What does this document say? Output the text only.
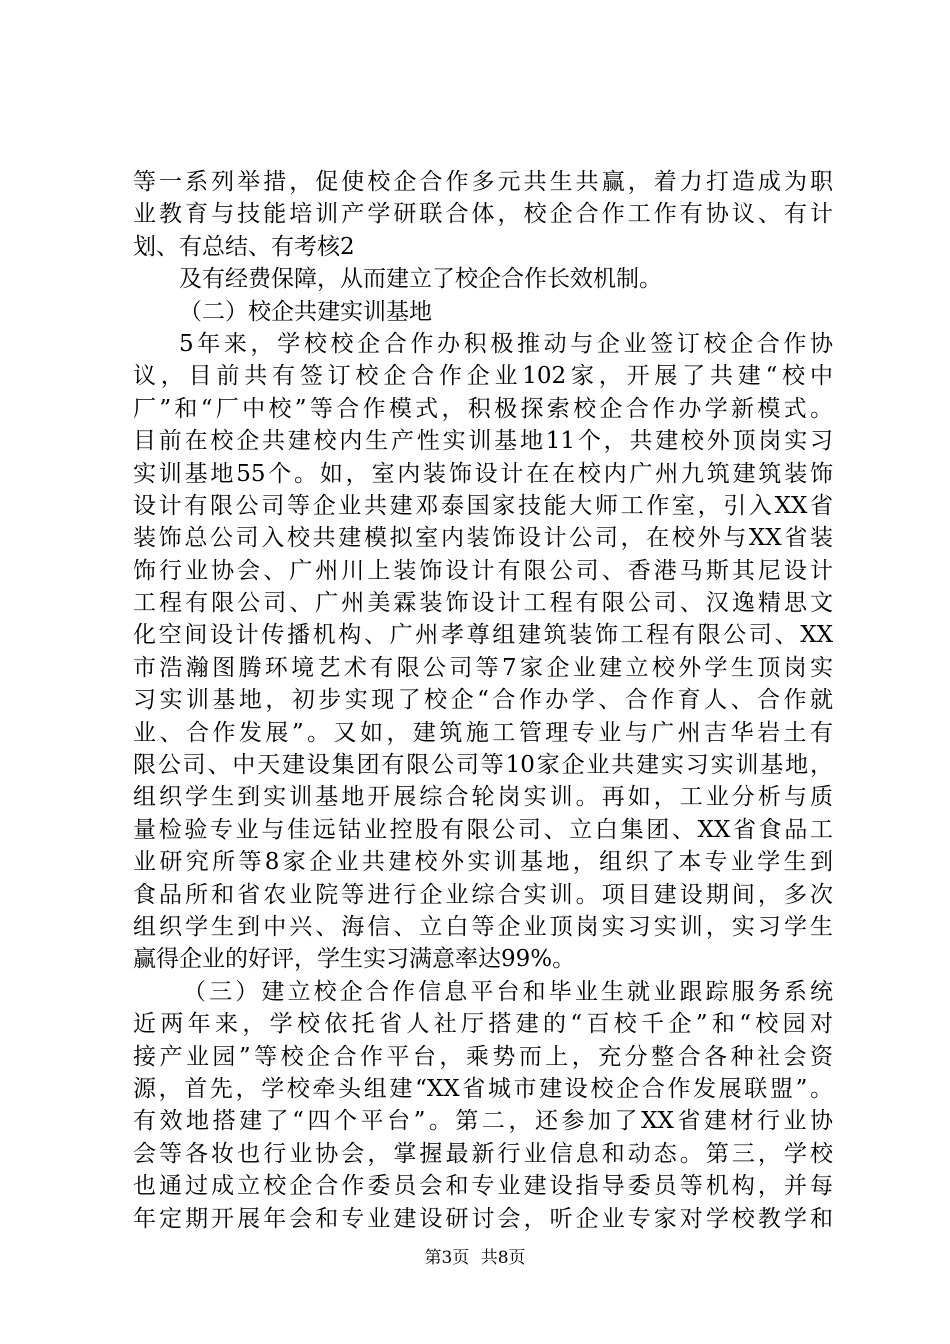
等一系列举措，促使校企合作多元共生共赢，着力打造成为职
业教育与技能培训产学研联合体，校企合作工作有协议、有计
划、有总结、有考核2
及有经费保障，从而建立了校企合作长效机制。
（二）校企共建实训基地
5年来，学校校企合作办积极推动与企业签订校企合作协
议，目前共有签订校企合作企业102家，开展了共建“校中
厂”和“厂中校”等合作模式，积极探索校企合作办学新模式。
目前在校企共建校内生产性实训基地11个，共建校外顶岗实习
实训基地55个。如，室内装饰设计在在校内广州九筑建筑装饰
设计有限公司等企业共建邓泰国家技能大师工作室，引入XX省
装饰总公司入校共建模拟室内装饰设计公司，在校外与XX省装
饰行业协会、广州川上装饰设计有限公司、香港马斯其尼设计
工程有限公司、广州美霖装饰设计工程有限公司、汉逸精思文
化空间设计传播机构、广州孝尊组建筑装饰工程有限公司、XX
市浩瀚图腾环境艺术有限公司等7家企业建立校外学生顶岗实
习实训基地，初步实现了校企“合作办学、合作育人、合作就
业、合作发展”。又如，建筑施工管理专业与广州吉华岩土有
限公司、中天建设集团有限公司等10家企业共建实习实训基地，
组织学生到实训基地开展综合轮岗实训。再如，工业分析与质
量检验专业与佳远钴业控股有限公司、立白集团、XX省食品工
业研究所等8家企业共建校外实训基地，组织了本专业学生到
食品所和省农业院等进行企业综合实训。项目建设期间，多次
组织学生到中兴、海信、立白等企业顶岗实习实训，实习学生
赢得企业的好评，学生实习满意率达99%。
（三）建立校企合作信息平台和毕业生就业跟踪服务系统
近两年来，学校依托省人社厅搭建的“百校千企”和“校园对
接产业园”等校企合作平台，乘势而上，充分整合各种社会资
源，首先，学校牵头组建“XX省城市建设校企合作发展联盟”。
有效地搭建了“四个平台”。第二，还参加了XX省建材行业协
会等各妆也行业协会，掌握最新行业信息和动态。第三，学校
也通过成立校企合作委员会和专业建设指导委员等机构，并每
年定期开展年会和专业建设研讨会，听企业专家对学校教学和
第3页 共8页
